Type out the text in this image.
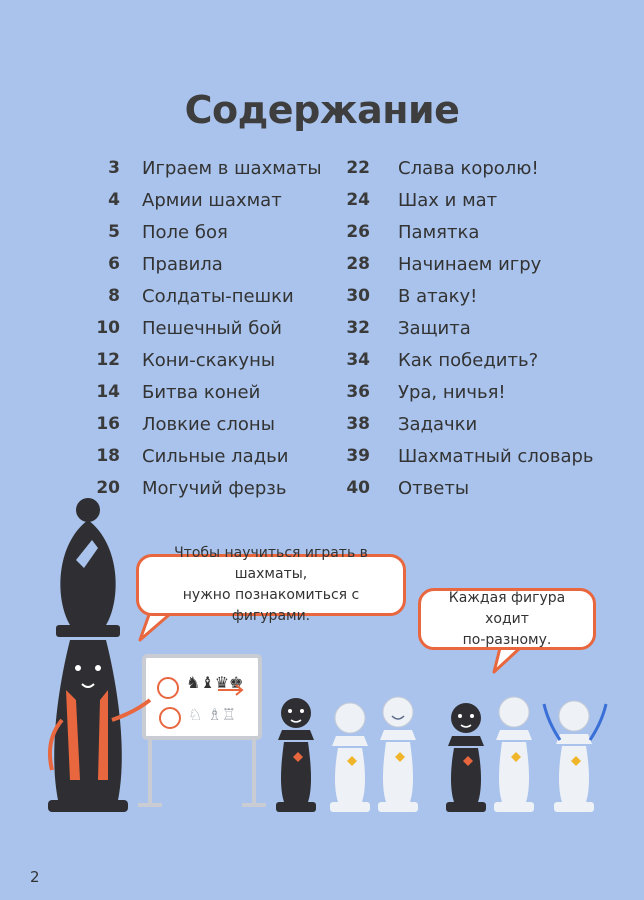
♞♝♛♚
♘ ♗♖
Содержание
3 Играем в шахматы
4 Армии шахмат
5 Поле боя
6 Правила
8 Солдаты-пешки
10 Пешечный бой
12 Кони-скакуны
14 Битва коней
16 Ловкие слоны
18 Сильные ладьи
20 Могучий ферзь
22 Слава королю!
24 Шах и мат
26 Памятка
28 Начинаем игру
30 В атаку!
32 Защита
34 Как победить?
36 Ура, ничья!
38 Задачки
39 Шахматный словарь
40 Ответы
Чтобы научиться играть в шахматы,
нужно познакомиться с фигурами.
Каждая фигура ходит
по-разному.
2
